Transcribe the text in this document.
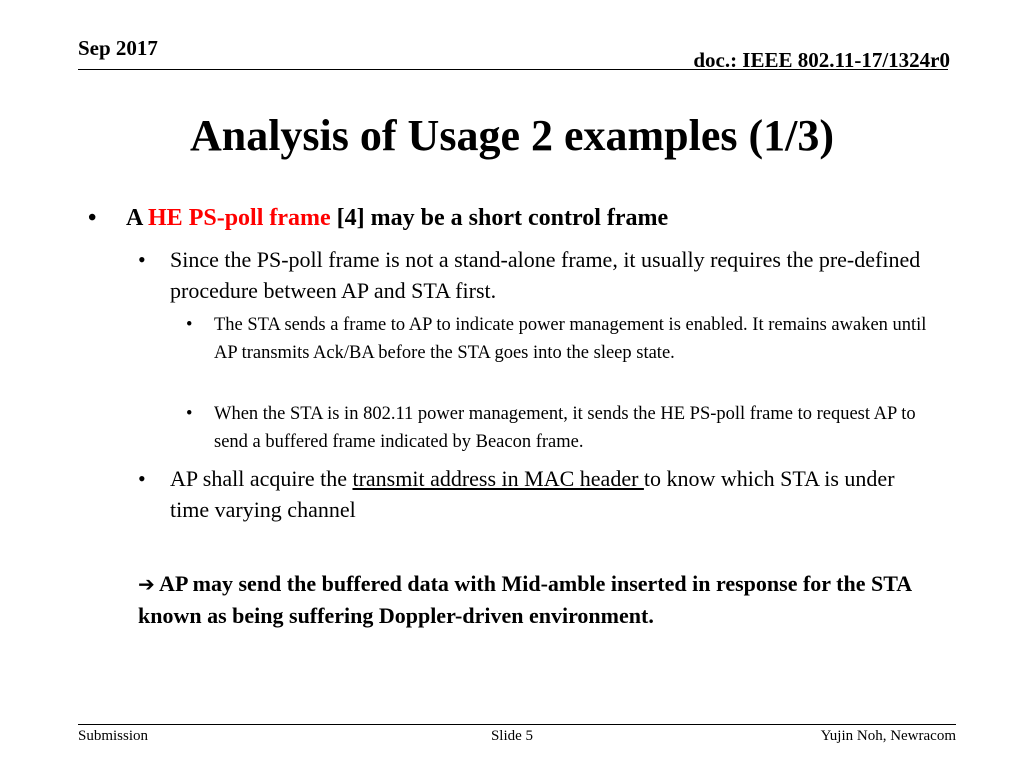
Sep 2017	doc.: IEEE 802.11-17/1324r0
Analysis of Usage 2 examples (1/3)
• A HE PS-poll frame [4] may be a short control frame
• Since the PS-poll frame is not a stand-alone frame, it usually requires the pre-defined procedure between AP and STA first.
• The STA sends a frame to AP to indicate power management is enabled. It remains awaken until AP transmits Ack/BA before the STA goes into the sleep state.
• When the STA is in 802.11 power management, it sends the HE PS-poll frame to request AP to send a buffered frame indicated by Beacon frame.
• AP shall acquire the transmit address in MAC header to know which STA is under time varying channel
➔ AP may send the buffered data with Mid-amble inserted in response for the STA known as being suffering Doppler-driven environment.
Submission	Slide 5	Yujin Noh, Newracom
